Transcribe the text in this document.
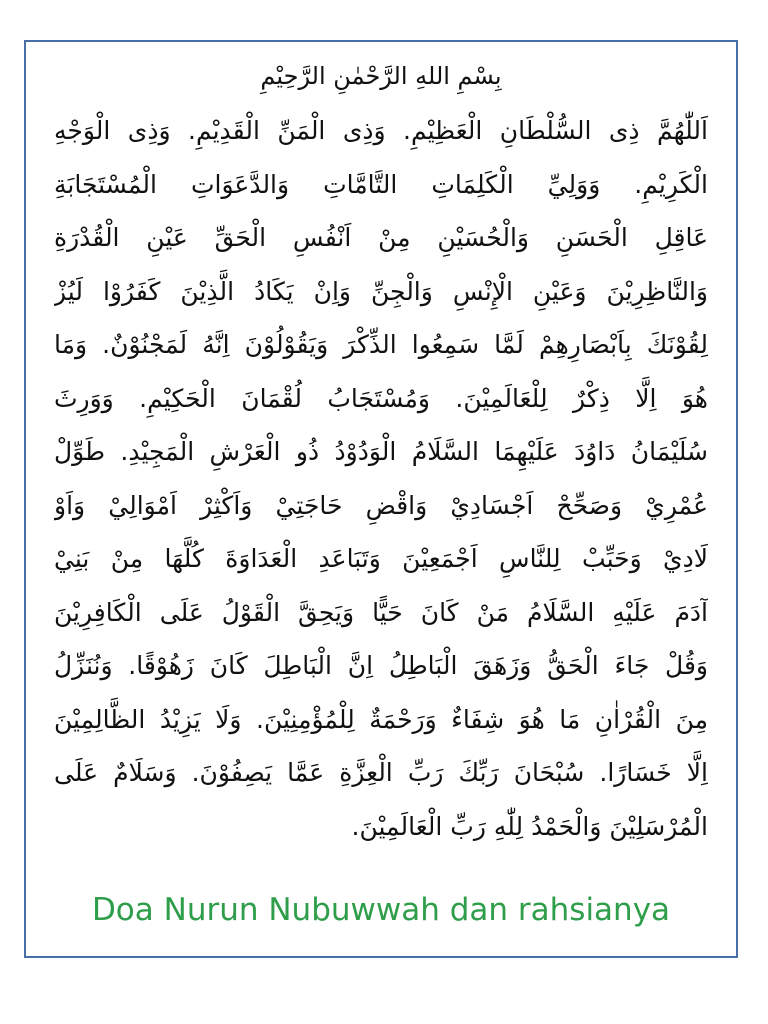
بِسْمِ اللهِ الرَّحْمٰنِ الرَّحِيْمِ
اَللّٰهُمَّ ذِى السُّلْطَانِ الْعَظِيْمِ. وَذِى الْمَنِّ الْقَدِيْمِ. وَذِى الْوَجْهِ
الْكَرِيْمِ. وَوَلِيِّ الْكَلِمَاتِ التَّامَّاتِ وَالدَّعَوَاتِ الْمُسْتَجَابَةِ
عَاقِلِ الْحَسَنِ وَالْحُسَيْنِ مِنْ اَنْفُسِ الْحَقِّ عَيْنِ الْقُدْرَةِ
وَالنَّاظِرِيْنَ وَعَيْنِ الْإِنْسِ وَالْجِنِّ وَاِنْ يَكَادُ الَّذِيْنَ كَفَرُوْا لَيُزْ
لِقُوْنَكَ بِاَبْصَارِهِمْ لَمَّا سَمِعُوا الذِّكْرَ وَيَقُوْلُوْنَ اِنَّهُ لَمَجْنُوْنٌ. وَمَا
هُوَ اِلَّا ذِكْرٌ لِلْعَالَمِيْنَ. وَمُسْتَجَابُ لُقْمَانَ الْحَكِيْمِ. وَوَرِثَ
سُلَيْمَانُ دَاوُدَ عَلَيْهِمَا السَّلَامُ الْوَدُوْدُ ذُو الْعَرْشِ الْمَجِيْدِ. طَوِّلْ
عُمْرِيْ وَصَحِّحْ اَجْسَادِيْ وَاقْضِ حَاجَتِيْ وَاَكْثِرْ اَمْوَالِيْ وَاَوْ
لَادِيْ وَحَبِّبْ لِلنَّاسِ اَجْمَعِيْنَ وَتَبَاعَدِ الْعَدَاوَةَ كُلَّهَا مِنْ بَنِيْ
آدَمَ عَلَيْهِ السَّلَامُ مَنْ كَانَ حَيًّا وَيَحِقَّ الْقَوْلُ عَلَى الْكَافِرِيْنَ
وَقُلْ جَاءَ الْحَقُّ وَزَهَقَ الْبَاطِلُ اِنَّ الْبَاطِلَ كَانَ زَهُوْقًا. وَنُنَزِّلُ
مِنَ الْقُرْاٰنِ مَا هُوَ شِفَاءٌ وَرَحْمَةٌ لِلْمُؤْمِنِيْنَ. وَلَا يَزِيْدُ الظَّالِمِيْنَ
اِلَّا خَسَارًا. سُبْحَانَ رَبِّكَ رَبِّ الْعِزَّةِ عَمَّا يَصِفُوْنَ. وَسَلَامٌ عَلَى
الْمُرْسَلِيْنَ وَالْحَمْدُ لِلّٰهِ رَبِّ الْعَالَمِيْنَ.
Doa Nurun Nubuwwah dan rahsianya
